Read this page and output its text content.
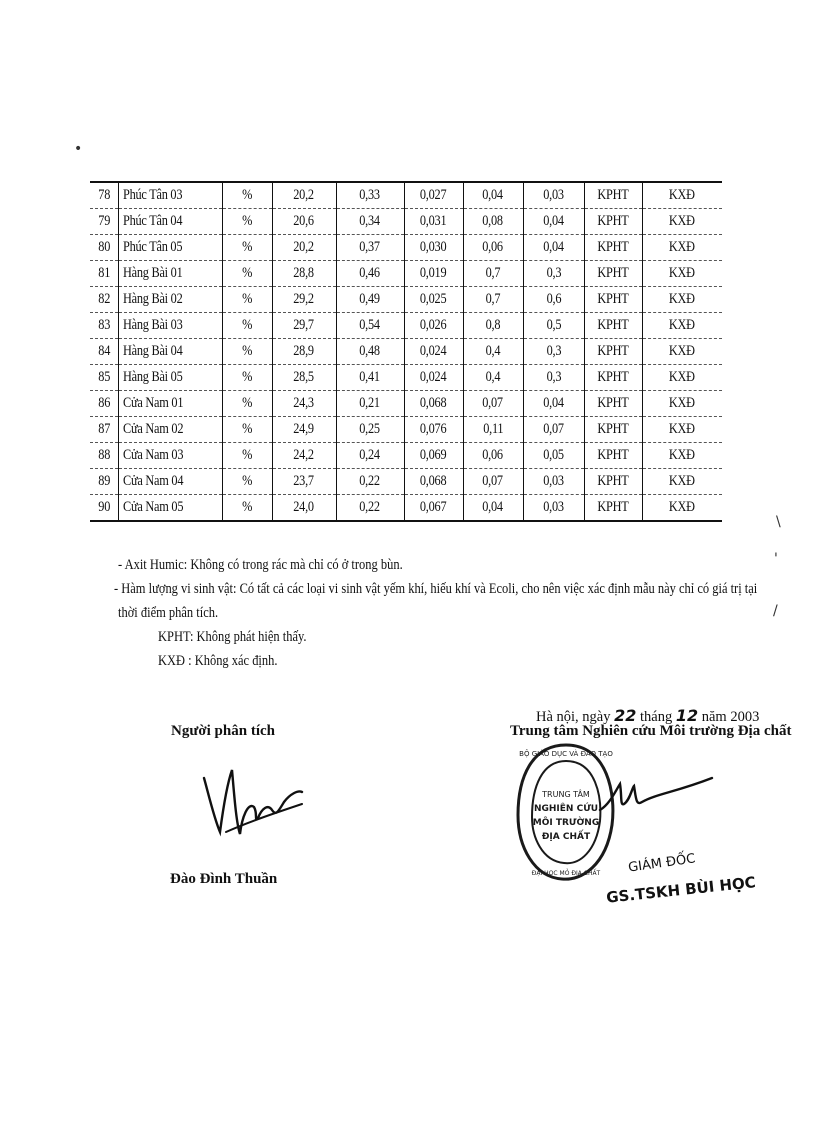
•
\
'
/
78	Phúc Tân 03	%	20,2	0,33	0,027	0,04	0,03	KPHT	KXĐ
79	Phúc Tân 04	%	20,6	0,34	0,031	0,08	0,04	KPHT	KXĐ
80	Phúc Tân 05	%	20,2	0,37	0,030	0,06	0,04	KPHT	KXĐ
81	Hàng Bài 01	%	28,8	0,46	0,019	0,7	0,3	KPHT	KXĐ
82	Hàng Bài 02	%	29,2	0,49	0,025	0,7	0,6	KPHT	KXĐ
83	Hàng Bài 03	%	29,7	0,54	0,026	0,8	0,5	KPHT	KXĐ
84	Hàng Bài 04	%	28,9	0,48	0,024	0,4	0,3	KPHT	KXĐ
85	Hàng Bài 05	%	28,5	0,41	0,024	0,4	0,3	KPHT	KXĐ
86	Cửa Nam 01	%	24,3	0,21	0,068	0,07	0,04	KPHT	KXĐ
87	Cửa Nam 02	%	24,9	0,25	0,076	0,11	0,07	KPHT	KXĐ
88	Cửa Nam 03	%	24,2	0,24	0,069	0,06	0,05	KPHT	KXĐ
89	Cửa Nam 04	%	23,7	0,22	0,068	0,07	0,03	KPHT	KXĐ
90	Cửa Nam 05	%	24,0	0,22	0,067	0,04	0,03	KPHT	KXĐ

- Axit Humic: Không có trong rác mà chỉ có ở trong bùn.

- Hàm lượng vi sinh vật: Có tất cả các loại vi sinh vật yếm khí, hiếu khí và Ecoli, cho nên việc xác định mẫu này chỉ có giá trị tại

thời điểm phân tích.

KPHT: Không phát hiện thấy.

KXĐ : Không xác định.

Hà nội, ngày 22 tháng 12 năm 2003
Trung tâm Nghiên cứu Môi trường Địa chất
Người phân tích
Đào Đình Thuần
TRUNG TÂM
NGHIÊN CỨU
MÔI TRƯỜNG
ĐỊA CHẤT
BỘ GIÁO DỤC VÀ ĐÀO TẠO
ĐẠI HỌC MỎ ĐỊA CHẤT GIÁM ĐỐC
GS.TSKH BÙI HỌC
